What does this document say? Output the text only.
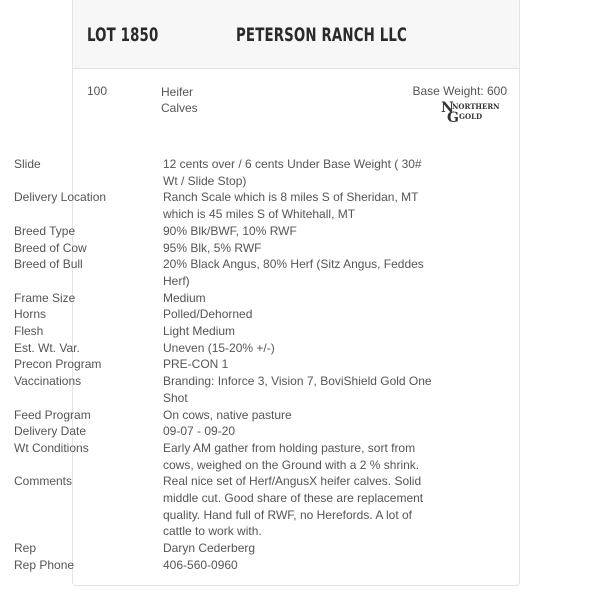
LOT 1850	PETERSON RANCH LLC
100	Heifer
Calves
Base Weight: 600
N
NORTHERN
G GOLD
Slide	12 cents over / 6 cents Under Base Weight ( 30# Wt / Slide Stop)
Delivery Location	Ranch Scale which is 8 miles S of Sheridan, MT which is 45 miles S of Whitehall, MT
Breed Type	90% Blk/BWF, 10% RWF
Breed of Cow	95% Blk, 5% RWF
Breed of Bull	20% Black Angus, 80% Herf (Sitz Angus, Feddes Herf)
Frame Size	Medium
Horns	Polled/Dehorned
Flesh	Light Medium
Est. Wt. Var.	Uneven (15-20% +/-)
Precon Program	PRE-CON 1
Vaccinations	Branding: Inforce 3, Vision 7, BoviShield Gold One Shot
Feed Program	On cows, native pasture
Delivery Date	09-07 - 09-20
Wt Conditions	Early AM gather from holding pasture, sort from cows, weighed on the Ground with a 2 % shrink.
Comments	Real nice set of Herf/AngusX heifer calves. Solid middle cut. Good share of these are replacement quality. Hand full of RWF, no Herefords. A lot of cattle to work with.
Rep	Daryn Cederberg
Rep Phone	406-560-0960
